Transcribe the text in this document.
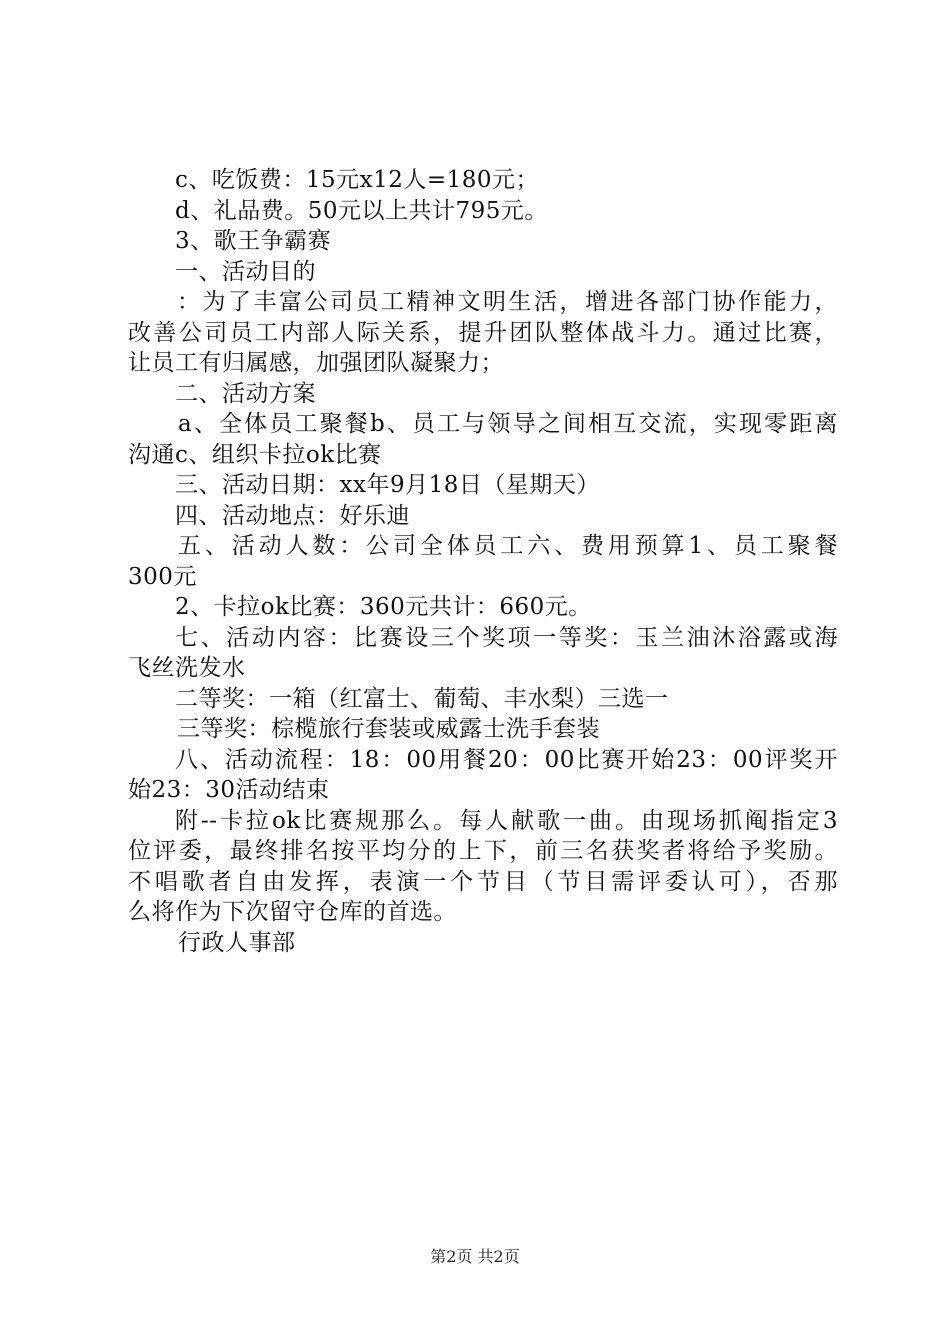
c、吃饭费：15元x12人=180元；
d、礼品费。50元以上共计795元。
3、歌王争霸赛
一、活动目的
：为了丰富公司员工精神文明生活，增进各部门协作能力，
改善公司员工内部人际关系，提升团队整体战斗力。通过比赛，
让员工有归属感，加强团队凝聚力；
二、活动方案
a、全体员工聚餐b、员工与领导之间相互交流，实现零距离
沟通c、组织卡拉ok比赛
三、活动日期：xx年9月18日（星期天）
四、活动地点：好乐迪
五、活动人数：公司全体员工六、费用预算1、员工聚餐
300元
2、卡拉ok比赛：360元共计：660元。
七、活动内容：比赛设三个奖项一等奖：玉兰油沐浴露或海
飞丝洗发水
二等奖：一箱（红富士、葡萄、丰水梨）三选一
三等奖：棕榄旅行套装或威露士洗手套装
八、活动流程：18：00用餐20：00比赛开始23：00评奖开
始23：30活动结束
附--卡拉ok比赛规那么。每人献歌一曲。由现场抓阄指定3
位评委，最终排名按平均分的上下，前三名获奖者将给予奖励。
不唱歌者自由发挥，表演一个节目（节目需评委认可），否那
么将作为下次留守仓库的首选。
行政人事部
第2页 共2页
